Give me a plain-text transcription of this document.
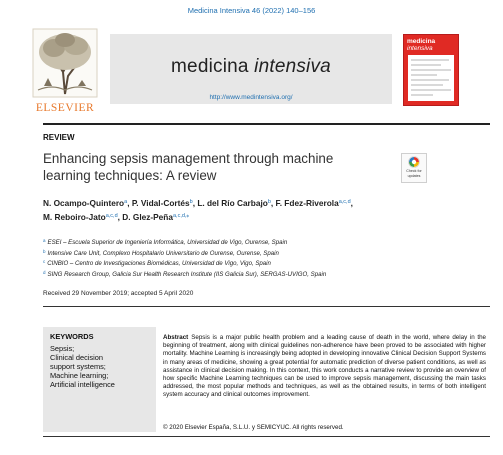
Medicina Intensiva 46 (2022) 140–156
ELSEVIER
medicina intensiva
http://www.medintensiva.org/
medicina
intensiva
REVIEW
Enhancing sepsis management through machine learning techniques: A review	Check for
updates
N. Ocampo-Quintero$^a$, P. Vidal-Cortés$^b$, L. del Río Carbajo$^b$, F. Fdez-Riverola$^{a,c,d}$,
M. Reboiro-Jato$^{a,c,d}$, D. Glez-Peña$^{a,c,d,⁎}$
$^a$ ESEI – Escuela Superior de Ingeniería Informática, Universidad de Vigo, Ourense, Spain
$^b$ Intensive Care Unit, Complexo Hospitalario Universitario de Ourense, Ourense, Spain
$^c$ CINBIO – Centro de Investigaciones Biomédicas, Universidad de Vigo, Vigo, Spain
$^d$ SING Research Group, Galicia Sur Health Research Institute (IIS Galicia Sur), SERGAS-UVIGO, Spain
Received 29 November 2019; accepted 5 April 2020
KEYWORDS
Sepsis;
Clinical decision
support systems;
Machine learning;
Artificial intelligence
Abstract Sepsis is a major public health problem and a leading cause of death in the world, where delay in the beginning of treatment, along with clinical guidelines non-adherence have been proved to be associated with higher mortality. Machine Learning is increasingly being adopted in developing innovative Clinical Decision Support Systems in many areas of medicine, showing a great potential for automatic prediction of diverse patient conditions, as well as assistance in clinical decision making. In this context, this work conducts a narrative review to provide an overview of how specific Machine Learning techniques can be used to improve sepsis management, discussing the main tasks addressed, the most popular methods and techniques, as well as the obtained results, in terms of both intelligent system accuracy and clinical outcomes improvement.
© 2020 Elsevier España, S.L.U. y SEMICYUC. All rights reserved.
